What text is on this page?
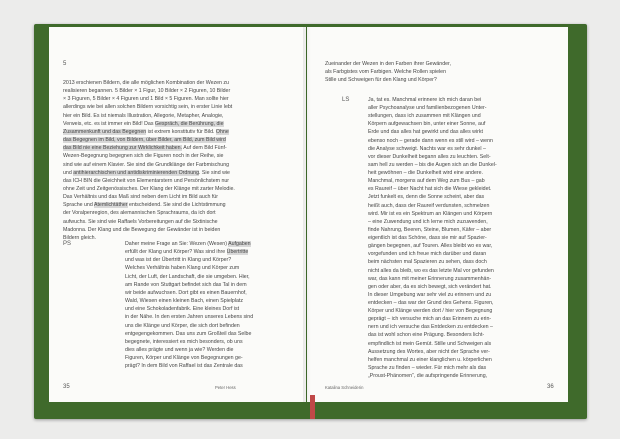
5
2013 erschienen Bildern, die alle möglichen Kombination der Wezen zu
realisieren begannen. 5 Bilder × 1 Figur, 10 Bilder × 2 Figuren, 10 Bilder
× 3 Figuren, 5 Bilder × 4 Figuren und 1 Bild × 5 Figuren. Man sollte hier
allerdings wie bei allen solchen Bildern vorsichtig sein, in erster Linie lebt
hier ein Bild. Es ist niemals Illustration, Allegorie, Metapher, Analogie,
Verweis, etc. es ist immer ein Bild! Das Gespräch, die Berührung, die
Zusammenkunft und das Begegnen ist extrem konstitutiv für Bild. Ohne
das Begegnen im Bild, von Bildern, über Bilder, am Bild, zum Bild wird
das Bild nie eine Beziehung zur Wirklichkeit haben. Auf dem Bild Fünf-
Wezen-Begegnung begegnen sich die Figuren noch in der Reihe, sie
sind wie auf einem Klavier. Sie sind die Grundklänge der Farbmischung
und antihierarchischen und antidiskriminierenden Ordnung. Sie sind wie
das ICH BIN die Gleichheit von Elementarstern und Persönlichstem nur
ohne Zeit und Zeitgenössisches. Der Klang der Klänge mit zarter Melodie.
Das Verhältnis und das Maß sind neben dem Licht im Bild auch für
Sprache und Atemlichtäther entscheidend. Sie sind die Lichtstimmung
der Voralpenregion, des alemannischen Sprachraums, da ich dort
aufwuchs. Sie sind wie Raffaels Vorbereitungen auf die Sixtinische
Madonna. Der Klang und die Bewegung der Gewänder ist in beiden
Bildern gleich.
PS	Daher meine Frage an Sie: Wezen (Wesen) Aufgaben
erfüllt der Klang und Körper? Was sind ihre Übertritte
und was ist der Übertritt in Klang und Körper?
Welches Verhältnis haben Klang und Körper zum
Licht, der Luft, der Landschaft, die sie umgeben. Hier,
am Rande von Stuttgart befindet sich das Tal in dem
wir beide aufwuchsen. Dort gibt es einen Bauernhof,
Wald, Wiesen einen kleinen Bach, einen Spielplatz
und eine Schokoladenfabrik. Eine kleines Dorf ist
in der Nähe. In den ersten Jahren unseres Lebens sind
uns die Klänge und Körper, die sich dort befinden
entgegengekommen. Das uns zum Großteil das Selbe
begegnete, interessiert es mich besonders, ob uns
dies alles prägte und wenn ja wie? Werden die
Figuren, Körper und Klänge von Begegnungen ge-
prägt? In dem Bild von Raffael ist das Zentrale das
Peter Hess
35
Zueinander der Wezen in den Farben ihrer Gewänder,
als Farbgistes vom Farbigen. Welche Rollen spielen
Stille und Schweigen für den Klang und Körper?
LS	Ja, tat es. Manchmal erinnere ich mich daran bei
aller Psychoanalyse und familienbezogenen Unter-
stellungen, dass ich zusammen mit Klängen und
Körpern aufgewachsen bin, unter einer Sonne, auf
Erde und das alles hat gewirkt und das alles wirkt
ebenso noch – gerade dann wenn es still wird – wenn
die Analyse schweigt. Nachts war es sehr dunkel –
vor dieser Dunkelheit begann alles zu leuchten. Selt-
sam hell zu werden – bis die Augen sich an die Dunkel-
heit gewöhnen – die Dunkelheit wird eine andere.
Manchmal, morgens auf dem Weg zum Bus – gab
es Raureif – über Nacht hat sich die Wiese gekleidet.
Jetzt funkelt es, denn die Sonne scheint, aber das
heißt auch, dass der Raureif verdunsten, schmelzen
wird. Mir ist es ein Spektrum an Klängen und Körpern
– eine Zuwendung und ich lerne mich zuzuwenden,
finde Nahrung, Beeren, Steine, Blumen, Käfer – aber
eigentlich ist das Schöne, dass sie mir auf Spazier-
gängen begegnen, auf Touren. Alles bleibt wo es war,
vorgefunden und ich freue mich darüber und daran
beim nächsten mal Spazieren zu sehen, dass doch
nicht alles da bleib, wo es das letzte Mal vor gefunden
war, das kann mit meiner Erinnerung zusammenhän-
gen oder aber, da es sich bewegt, sich verändert hat.
In dieser Umgebung war sehr viel zu erinnern und zu
entdecken – das war der Grund des Gehens. Figuren,
Körper und Klänge werden dort / hier von Begegnung
geprägt – ich versuche mich an das Erinnern zu erin-
nern und ich versuche das Entdecken zu entdecken –
das ist wohl schon eine Prägung. Besonders licht-
empfindlich ist mein Gemüt. Stille und Schweigen als
Aussetzung des Wortes, aber nicht der Sprache ver-
helfen manchmal zu einer klanglichen u. körperlichen
Sprache zu finden – wieder. Für mich mehr als das
„Proust-Phänomen“, die aufspringende Erinnerung,
Katalina Schneiderin	36
